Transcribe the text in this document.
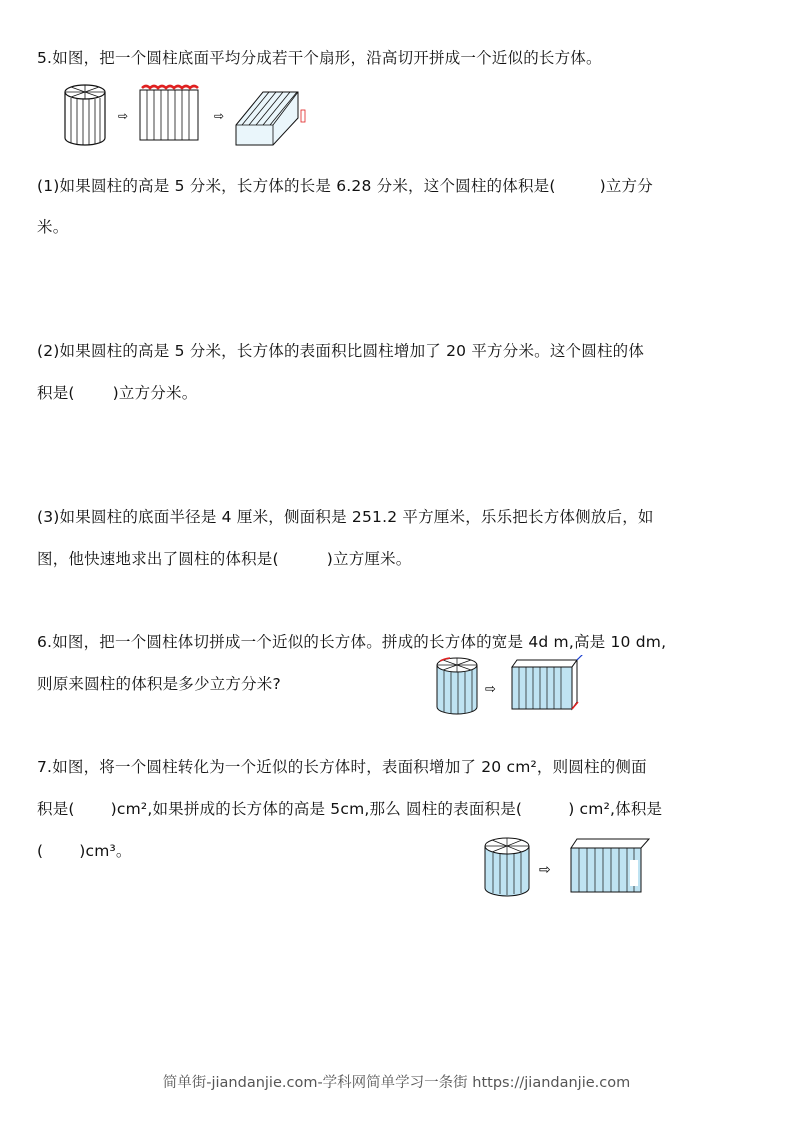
5.如图，把一个圆柱底面平均分成若干个扇形，沿高切开拼成一个近似的长方体。
⇨	⇨
(1)如果圆柱的高是 5 分米，长方体的长是 6.28 分米，这个圆柱的体积是(	)立方分
米。
(2)如果圆柱的高是 5 分米，长方体的表面积比圆柱增加了 20 平方分米。这个圆柱的体
积是( )立方分米。
(3)如果圆柱的底面半径是 4 厘米，侧面积是 251.2 平方厘米，乐乐把长方体侧放后，如
图，他快速地求出了圆柱的体积是(	)立方厘米。
6.如图，把一个圆柱体切拼成一个近似的长方体。拼成的长方体的宽是 4d m,高是 10 dm,
则原来圆柱的体积是多少立方分米?	⇨
7.如图，将一个圆柱转化为一个近似的长方体时，表面积增加了 20 cm²，则圆柱的侧面
积是( )cm²,如果拼成的长方体的高是 5cm,那么 圆柱的表面积是(	) cm²,体积是
( )cm³。
⇨
简单街-jiandanjie.com-学科网简单学习一条街 https://jiandanjie.com
